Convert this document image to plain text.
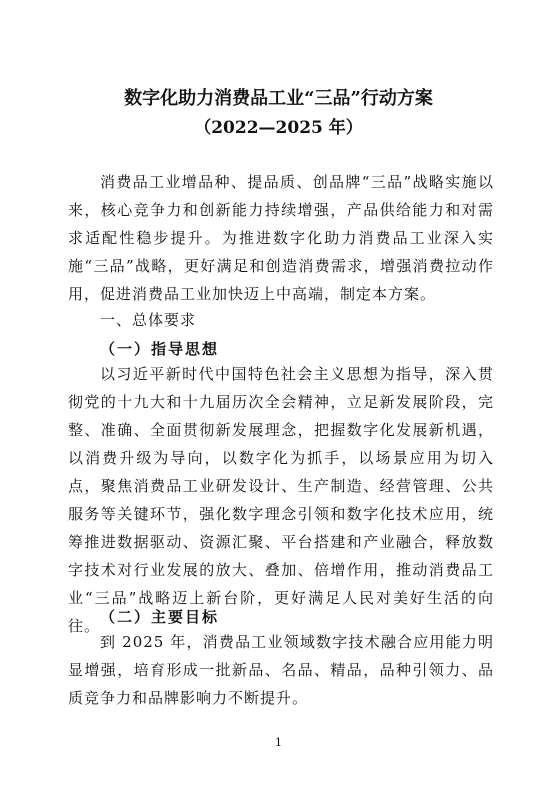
数字化助力消费品工业“三品”行动方案
（2022—2025 年）

消费品工业增品种、提品质、创品牌“三品”战略实施以来，核心竞争力和创新能力持续增强，产品供给能力和对需求适配性稳步提升。为推进数字化助力消费品工业深入实施“三品”战略，更好满足和创造消费需求，增强消费拉动作用，促进消费品工业加快迈上中高端，制定本方案。

一、总体要求
（一）指导思想

以习近平新时代中国特色社会主义思想为指导，深入贯彻党的十九大和十九届历次全会精神，立足新发展阶段，完整、准确、全面贯彻新发展理念，把握数字化发展新机遇，以消费升级为导向，以数字化为抓手，以场景应用为切入点，聚焦消费品工业研发设计、生产制造、经营管理、公共服务等关键环节，强化数字理念引领和数字化技术应用，统筹推进数据驱动、资源汇聚、平台搭建和产业融合，释放数字技术对行业发展的放大、叠加、倍增作用，推动消费品工业“三品”战略迈上新台阶，更好满足人民对美好生活的向往。 （二）主要目标

到 2025 年，消费品工业领域数字技术融合应用能力明显增强，培育形成一批新品、名品、精品，品种引领力、品质竞争力和品牌影响力不断提升。

1
